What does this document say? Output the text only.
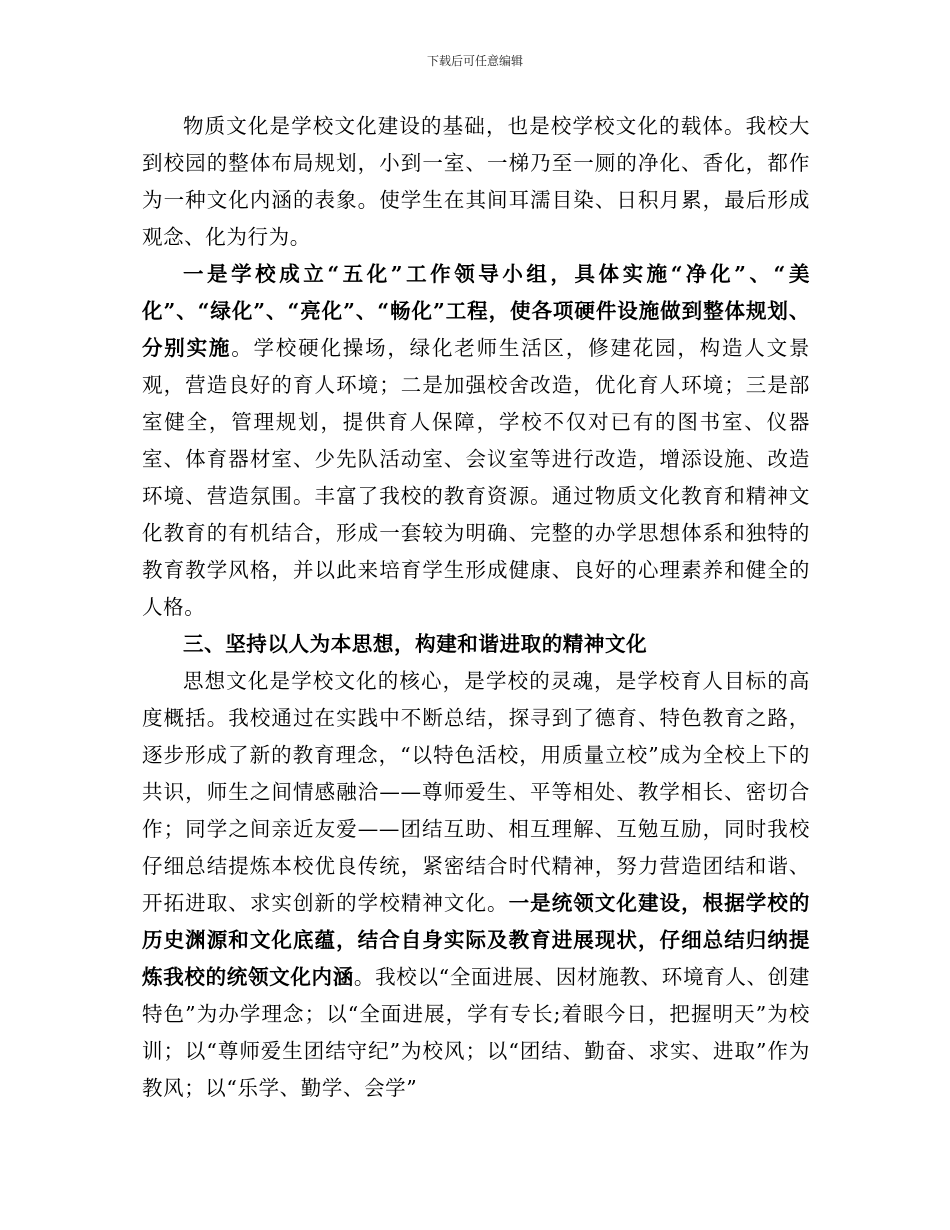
下载后可任意编辑

物质文化是学校文化建设的基础，也是校学校文化的载体。我校大到校园的整体布局规划，小到一室、一梯乃至一厕的净化、香化，都作为一种文化内涵的表象。使学生在其间耳濡目染、日积月累，最后形成观念、化为行为。

一是学校成立“五化”工作领导小组，具体实施“净化”、“美化”、“绿化”、“亮化”、“畅化”工程，使各项硬件设施做到整体规划、分别实施。学校硬化操场，绿化老师生活区，修建花园，构造人文景观，营造良好的育人环境；二是加强校舍改造，优化育人环境；三是部室健全，管理规划，提供育人保障，学校不仅对已有的图书室、仪器室、体育器材室、少先队活动室、会议室等进行改造，增添设施、改造环境、营造氛围。丰富了我校的教育资源。通过物质文化教育和精神文化教育的有机结合，形成一套较为明确、完整的办学思想体系和独特的教育教学风格，并以此来培育学生形成健康、良好的心理素养和健全的人格。

三、坚持以人为本思想，构建和谐进取的精神文化

思想文化是学校文化的核心，是学校的灵魂，是学校育人目标的高度概括。我校通过在实践中不断总结，探寻到了德育、特色教育之路，逐步形成了新的教育理念，“以特色活校，用质量立校”成为全校上下的共识，师生之间情感融洽——尊师爱生、平等相处、教学相长、密切合作；同学之间亲近友爱——团结互助、相互理解、互勉互励，同时我校仔细总结提炼本校优良传统，紧密结合时代精神，努力营造团结和谐、开拓进取、求实创新的学校精神文化。一是统领文化建设，根据学校的历史渊源和文化底蕴，结合自身实际及教育进展现状，仔细总结归纳提炼我校的统领文化内涵。我校以“全面进展、因材施教、环境育人、创建特色”为办学理念；以“全面进展，学有专长;着眼今日，把握明天”为校训；以“尊师爱生团结守纪”为校风；以“团结、勤奋、求实、进取”作为教风；以“乐学、勤学、会学”
